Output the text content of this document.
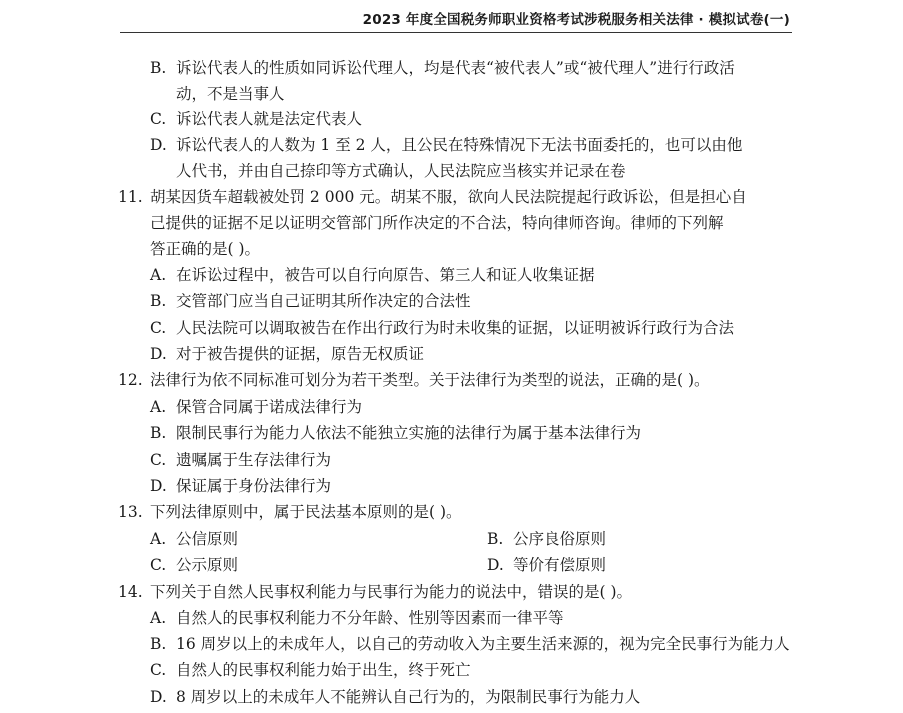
2023 年度全国税务师职业资格考试涉税服务相关法律 · 模拟试卷(一)
B. 诉讼代表人的性质如同诉讼代理人，均是代表“被代表人”或“被代理人”进行行政活
动，不是当事人
C. 诉讼代表人就是法定代表人
D. 诉讼代表人的人数为 1 至 2 人，且公民在特殊情况下无法书面委托的，也可以由他
人代书，并由自己捺印等方式确认，人民法院应当核实并记录在卷
11. 胡某因货车超载被处罚 2 000 元。胡某不服，欲向人民法院提起行政诉讼，但是担心自
己提供的证据不足以证明交管部门所作决定的不合法，特向律师咨询。律师的下列解
答正确的是( )。
A. 在诉讼过程中，被告可以自行向原告、第三人和证人收集证据
B. 交管部门应当自己证明其所作决定的合法性
C. 人民法院可以调取被告在作出行政行为时未收集的证据，以证明被诉行政行为合法
D. 对于被告提供的证据，原告无权质证
12. 法律行为依不同标准可划分为若干类型。关于法律行为类型的说法，正确的是( )。
A. 保管合同属于诺成法律行为
B. 限制民事行为能力人依法不能独立实施的法律行为属于基本法律行为
C. 遗嘱属于生存法律行为
D. 保证属于身份法律行为
13. 下列法律原则中，属于民法基本原则的是( )。
A. 公信原则	B. 公序良俗原则
C. 公示原则	D. 等价有偿原则
14. 下列关于自然人民事权利能力与民事行为能力的说法中，错误的是( )。
A. 自然人的民事权利能力不分年龄、性别等因素而一律平等
B. 16 周岁以上的未成年人，以自己的劳动收入为主要生活来源的，视为完全民事行为能力人
C. 自然人的民事权利能力始于出生，终于死亡
D. 8 周岁以上的未成年人不能辨认自己行为的，为限制民事行为能力人
